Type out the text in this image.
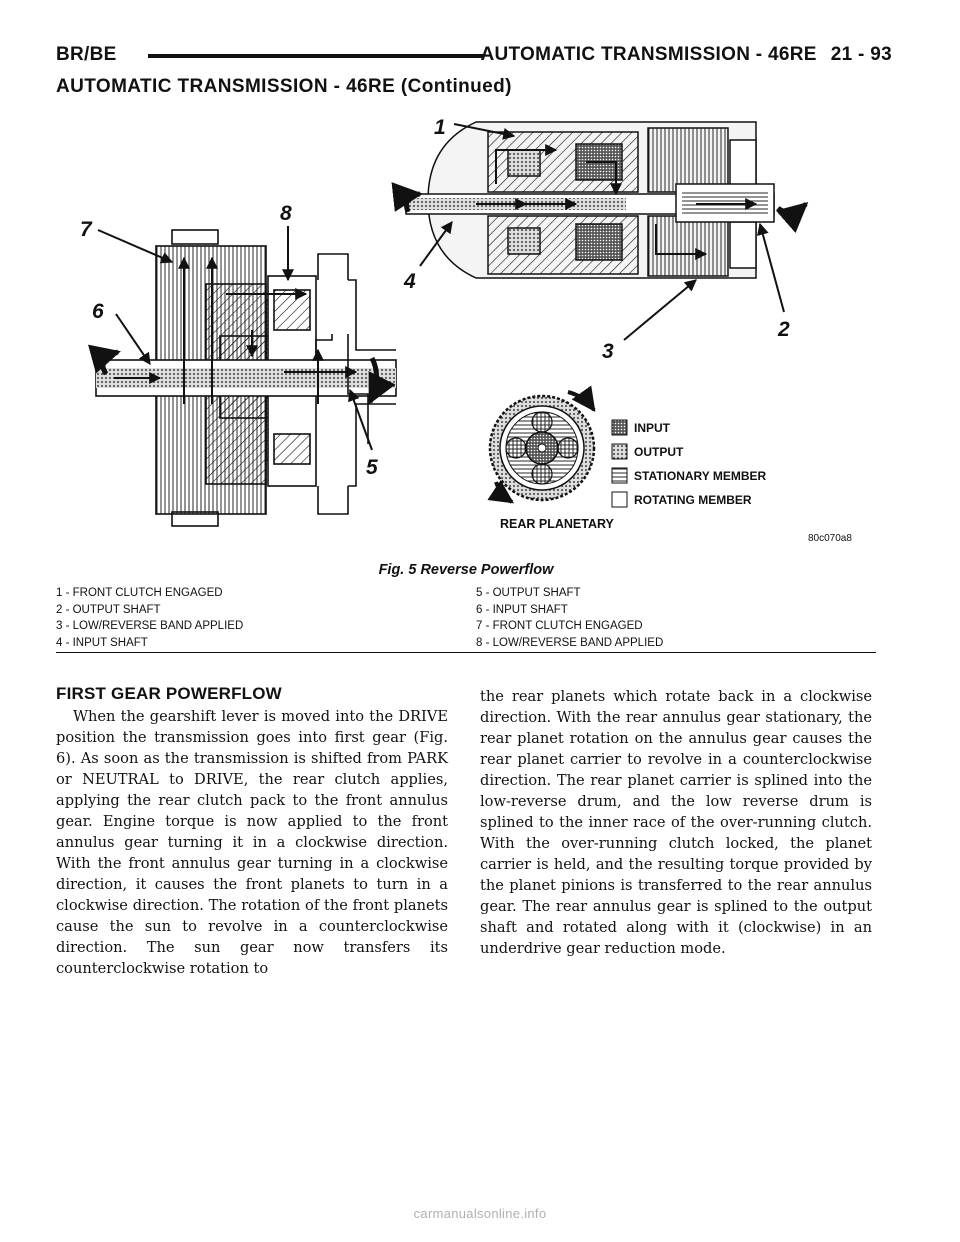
BR/BE	AUTOMATIC TRANSMISSION - 46RE 21 - 93
AUTOMATIC TRANSMISSION - 46RE (Continued)
1
2
3
4
5
6
7
8
REAR PLANETARY
INPUT
OUTPUT
STATIONARY MEMBER
ROTATING MEMBER
80c070a8
Fig. 5 Reverse Powerflow
1 - FRONT CLUTCH ENGAGED
2 - OUTPUT SHAFT
3 - LOW/REVERSE BAND APPLIED
4 - INPUT SHAFT
5 - OUTPUT SHAFT
6 - INPUT SHAFT
7 - FRONT CLUTCH ENGAGED
8 - LOW/REVERSE BAND APPLIED
FIRST GEAR POWERFLOW

When the gearshift lever is moved into the DRIVE position the transmission goes into first gear (Fig. 6). As soon as the transmission is shifted from PARK or NEUTRAL to DRIVE, the rear clutch applies, applying the rear clutch pack to the front annulus gear. Engine torque is now applied to the front annulus gear turning it in a clockwise direction. With the front annulus gear turning in a clockwise direction, it causes the front planets to turn in a clockwise direction. The rotation of the front planets cause the sun to revolve in a counterclockwise direction. The sun gear now transfers its counterclockwise rotation to

the rear planets which rotate back in a clockwise direction. With the rear annulus gear stationary, the rear planet rotation on the annulus gear causes the rear planet carrier to revolve in a counterclockwise direction. The rear planet carrier is splined into the low-reverse drum, and the low reverse drum is splined to the inner race of the over-running clutch. With the over-running clutch locked, the planet carrier is held, and the resulting torque provided by the planet pinions is transferred to the rear annulus gear. The rear annulus gear is splined to the output shaft and rotated along with it (clockwise) in an underdrive gear reduction mode.

carmanualsonline.info
